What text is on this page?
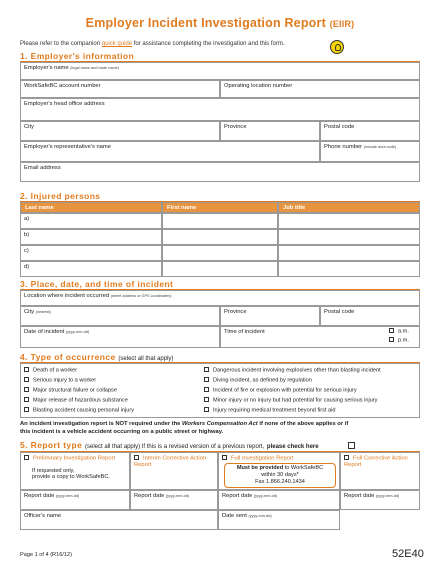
Employer Incident Investigation Report (EIIR)
Please refer to the companion quick guide for assistance completing the investigation and this form.
1. Employer's information
Employer's name (legal name and trade name)
WorkSafeBC account number	Operating location number
Employer's head office address
City	Province	Postal code
Employer's representative's name	Phone number (include area code)
Email address
2. Injured persons
Last name	First name	Job title
a)
b)
c)
d)
3. Place, date, and time of incident
Location where incident occurred (street address or GPS coordinates)
City (nearest)	Province	Postal code
Date of incident (yyyy-mm-dd)	Time of incident	a.m.
p.m.
4. Type of occurrence (select all that apply)
Death of a worker
Serious injury to a worker
Major structural failure or collapse
Major release of hazardous substance
Blasting accident causing personal injury
Dangerous incident involving explosives other than blasting incident
Diving incident, as defined by regulation
Incident of fire or explosion with potential for serious injury
Minor injury or no injury but had potential for causing serious injury
Injury requiring medical treatment beyond first aid
An incident investigation report is NOT required under the Workers Compensation Act if none of the above applies or if
this incident is a vehicle accident occurring on a public street or highway.
5. Report type (select all that apply) If this is a revised version of a previous report, please check here
Preliminary Investigation Report
If requested only,
provide a copy to WorkSafeBC.
Interim Corrective Action Report
Full Investigation Report
Must be provided to WorkSafeBC
within 30 days*
Fax 1.866.240.1434
Full Corrective Action Report
Report date (yyyy-mm-dd)	Report date (yyyy-mm-dd)	Report date (yyyy-mm-dd)	Report date (yyyy-mm-dd)
Officer's name	Date sent (yyyy-mm-dd)
Page 1 of 4 (R16/12)	52E40
